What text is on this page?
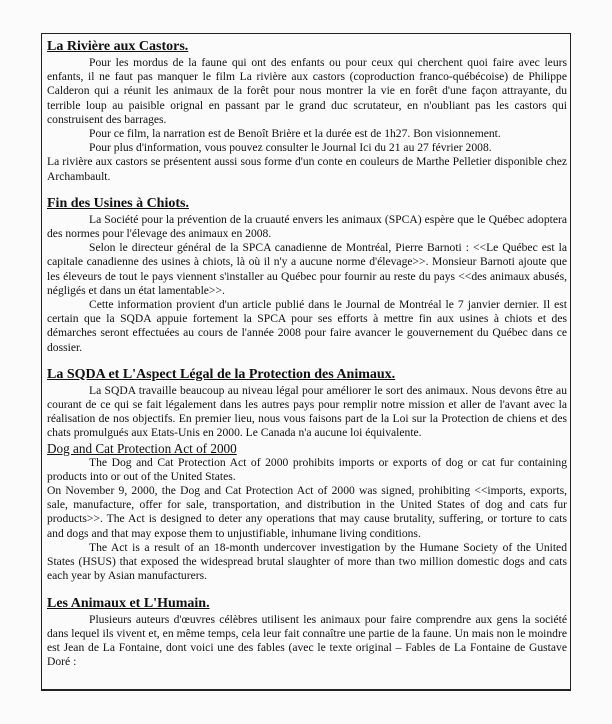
La Rivière aux Castors.

Pour les mordus de la faune qui ont des enfants ou pour ceux qui cherchent quoi faire avec leurs enfants, il ne faut pas manquer le film La rivière aux castors (coproduction franco-québécoise) de Philippe Calderon qui a réunit les animaux de la forêt pour nous montrer la vie en forêt d'une façon attrayante, du terrible loup au paisible orignal en passant par le grand duc scrutateur, en n'oubliant pas les castors qui construisent des barrages.

Pour ce film, la narration est de Benoît Brière et la durée est de 1h27. Bon visionnement.

Pour plus d'information, vous pouvez consulter le Journal Ici du 21 au 27 février 2008.

La rivière aux castors se présentent aussi sous forme d'un conte en couleurs de Marthe Pelletier disponible chez Archambault.

Fin des Usines à Chiots.

La Société pour la prévention de la cruauté envers les animaux (SPCA) espère que le Québec adoptera des normes pour l'élevage des animaux en 2008.

Selon le directeur général de la SPCA canadienne de Montréal, Pierre Barnoti : <<Le Québec est la capitale canadienne des usines à chiots, là où il n'y a aucune norme d'élevage>>. Monsieur Barnoti ajoute que les éleveurs de tout le pays viennent s'installer au Québec pour fournir au reste du pays <<des animaux abusés, négligés et dans un état lamentable>>.

Cette information provient d'un article publié dans le Journal de Montréal le 7 janvier dernier. Il est certain que la SQDA appuie fortement la SPCA pour ses efforts à mettre fin aux usines à chiots et des démarches seront effectuées au cours de l'année 2008 pour faire avancer le gouvernement du Québec dans ce dossier.

La SQDA et L'Aspect Légal de la Protection des Animaux.

La SQDA travaille beaucoup au niveau légal pour améliorer le sort des animaux. Nous devons être au courant de ce qui se fait légalement dans les autres pays pour remplir notre mission et aller de l'avant avec la réalisation de nos objectifs. En premier lieu, nous vous faisons part de la Loi sur la Protection de chiens et des chats promulgués aux Etats-Unis en 2000. Le Canada n'a aucune loi équivalente.

Dog and Cat Protection Act of 2000

The Dog and Cat Protection Act of 2000 prohibits imports or exports of dog or cat fur containing products into or out of the United States.

On November 9, 2000, the Dog and Cat Protection Act of 2000 was signed, prohibiting <<imports, exports, sale, manufacture, offer for sale, transportation, and distribution in the United States of dog and cats fur products>>. The Act is designed to deter any operations that may cause brutality, suffering, or torture to cats and dogs and that may expose them to unjustifiable, inhumane living conditions.

The Act is a result of an 18-month undercover investigation by the Humane Society of the United States (HSUS) that exposed the widespread brutal slaughter of more than two million domestic dogs and cats each year by Asian manufacturers.

Les Animaux et L'Humain.

Plusieurs auteurs d'œuvres célèbres utilisent les animaux pour faire comprendre aux gens la société dans lequel ils vivent et, en même temps, cela leur fait connaître une partie de la faune. Un mais non le moindre est Jean de La Fontaine, dont voici une des fables (avec le texte original – Fables de La Fontaine de Gustave Doré :
